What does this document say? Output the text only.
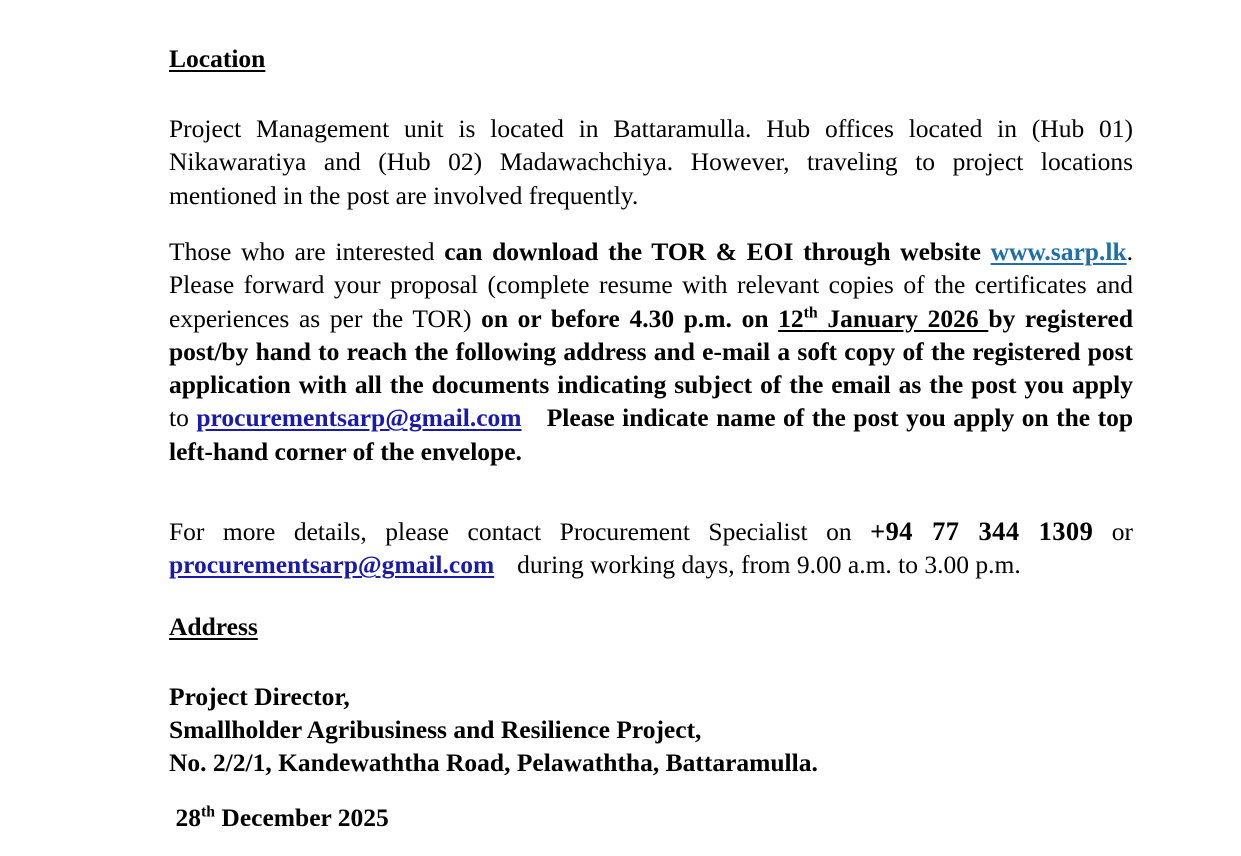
Location

Project Management unit is located in Battaramulla. Hub offices located in (Hub 01) Nikawaratiya and (Hub 02) Madawachchiya. However, traveling to project locations mentioned in the post are involved frequently.

Those who are interested can download the TOR & EOI through website www.sarp.lk. Please forward your proposal (complete resume with relevant copies of the certificates and experiences as per the TOR) on or before 4.30 p.m. on 12th January 2026 by registered post/by hand to reach the following address and e-mail a soft copy of the registered post application with all the documents indicating subject of the email as the post you apply to procurementsarp@gmail.com Please indicate name of the post you apply on the top left-hand corner of the envelope.

For more details, please contact Procurement Specialist on +94 77 344 1309 or procurementsarp@gmail.com during working days, from 9.00 a.m. to 3.00 p.m.

Address

Project Director,

Smallholder Agribusiness and Resilience Project,

No. 2/2/1, Kandewaththa Road, Pelawaththa, Battaramulla.

28th December 2025
